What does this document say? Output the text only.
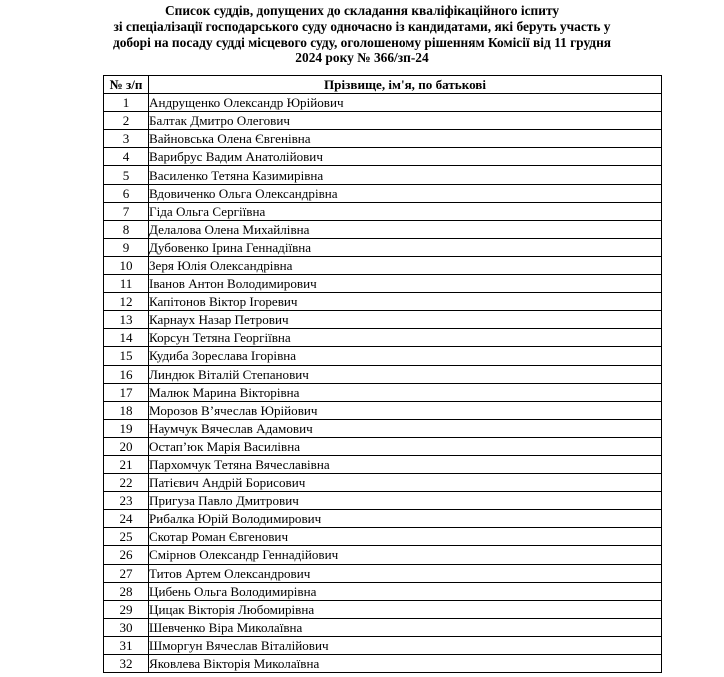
Список суддів, допущених до складання кваліфікаційного іспиту
зі спеціалізації господарського суду одночасно із кандидатами, які беруть участь у
доборі на посаду судді місцевого суду, оголошеному рішенням Комісії від 11 грудня
2024 року № 366/зп-24
№ з/п	Прізвище, ім'я, по батькові
1	Андрущенко Олександр Юрійович
2	Балтак Дмитро Олегович
3	Вайновська Олена Євгенівна
4	Варибрус Вадим Анатолійович
5	Василенко Тетяна Казимирівна
6	Вдовиченко Ольга Олександрівна
7	Гіда Ольга Сергіївна
8	Делалова Олена Михайлівна
9	Дубовенко Ірина Геннадіївна
10	Зеря Юлія Олександрівна
11	Іванов Антон Володимирович
12	Капітонов Віктор Ігоревич
13	Карнаух Назар Петрович
14	Корсун Тетяна Георгіївна
15	Кудиба Зореслава Ігорівна
16	Линдюк Віталій Степанович
17	Малюк Марина Вікторівна
18	Морозов В’ячеслав Юрійович
19	Наумчук Вячеслав Адамович
20	Остап’юк Марія Василівна
21	Пархомчук Тетяна Вячеславівна
22	Патієвич Андрій Борисович
23	Пригуза Павло Дмитрович
24	Рибалка Юрій Володимирович
25	Скотар Роман Євгенович
26	Смірнов Олександр Геннадійович
27	Титов Артем Олександрович
28	Цибень Ольга Володимирівна
29	Цицак Вікторія Любомирівна
30	Шевченко Віра Миколаївна
31	Шморгун Вячеслав Віталійович
32	Яковлева Вікторія Миколаївна
